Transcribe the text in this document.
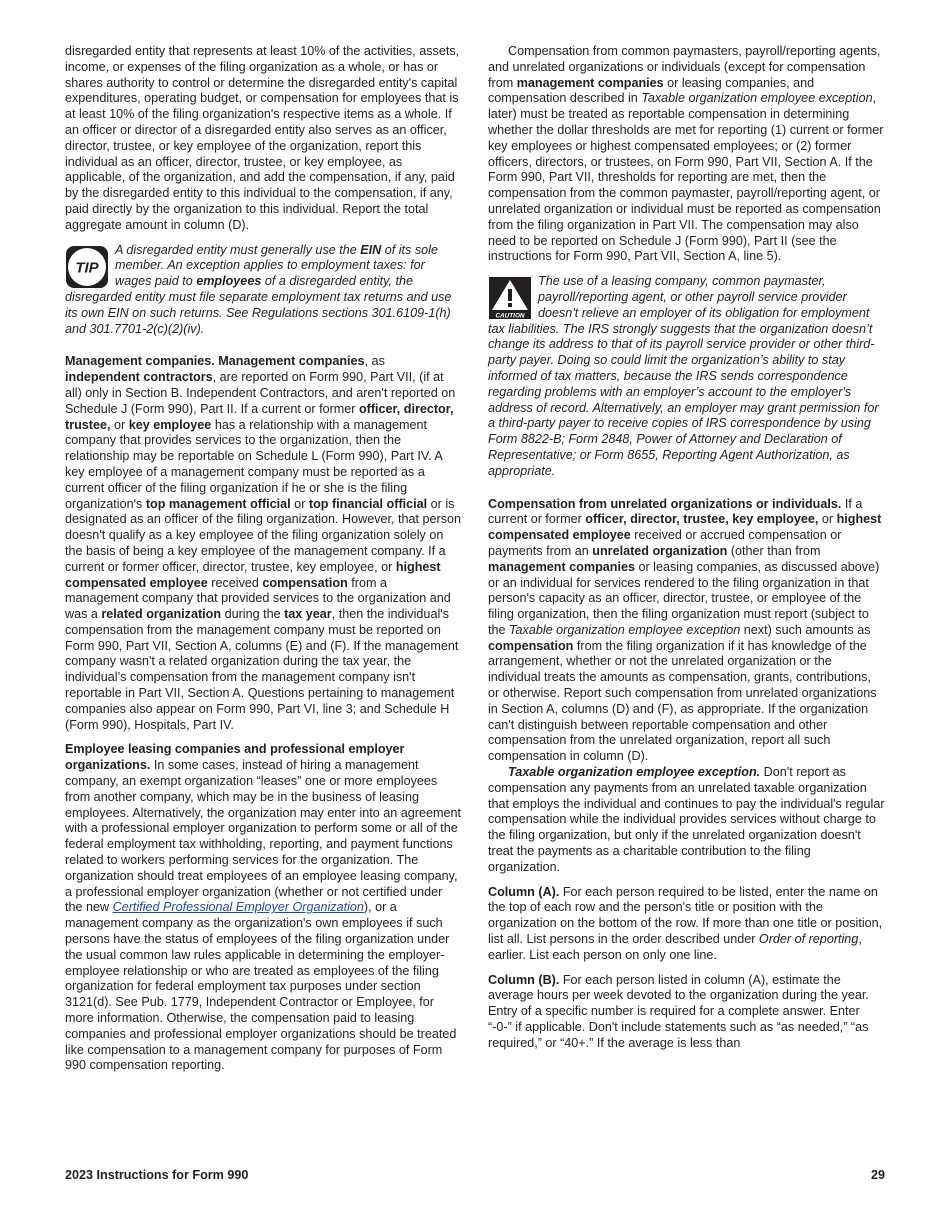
disregarded entity that represents at least 10% of the activities, assets, income, or expenses of the filing organization as a whole, or has or shares authority to control or determine the disregarded entity's capital expenditures, operating budget, or compensation for employees that is at least 10% of the filing organization's respective items as a whole. If an officer or director of a disregarded entity also serves as an officer, director, trustee, or key employee of the organization, report this individual as an officer, director, trustee, or key employee, as applicable, of the organization, and add the compensation, if any, paid by the disregarded entity to this individual to the compensation, if any, paid directly by the organization to this individual. Report the total aggregate amount in column (D).

TIP
A disregarded entity must generally use the EIN of its sole member. An exception applies to employment taxes: for wages paid to employees of a disregarded entity, the disregarded entity must file separate employment tax returns and use its own EIN on such returns. See Regulations sections 301.6109-1(h) and 301.7701-2(c)(2)(iv).

Management companies. Management companies, as independent contractors, are reported on Form 990, Part VII, (if at all) only in Section B. Independent Contractors, and aren't reported on Schedule J (Form 990), Part II. If a current or former officer, director, trustee, or key employee has a relationship with a management company that provides services to the organization, then the relationship may be reportable on Schedule L (Form 990), Part IV. A key employee of a management company must be reported as a current officer of the filing organization if he or she is the filing organization's top management official or top financial official or is designated as an officer of the filing organization. However, that person doesn't qualify as a key employee of the filing organization solely on the basis of being a key employee of the management company. If a current or former officer, director, trustee, key employee, or highest compensated employee received compensation from a management company that provided services to the organization and was a related organization during the tax year, then the individual's compensation from the management company must be reported on Form 990, Part VII, Section A, columns (E) and (F). If the management company wasn't a related organization during the tax year, the individual’s compensation from the management company isn't reportable in Part VII, Section A. Questions pertaining to management companies also appear on Form 990, Part VI, line 3; and Schedule H (Form 990), Hospitals, Part IV.

Employee leasing companies and professional employer organizations. In some cases, instead of hiring a management company, an exempt organization “leases” one or more employees from another company, which may be in the business of leasing employees. Alternatively, the organization may enter into an agreement with a professional employer organization to perform some or all of the federal employment tax withholding, reporting, and payment functions related to workers performing services for the organization. The organization should treat employees of an employee leasing company, a professional employer organization (whether or not certified under the new Certified Professional Employer Organization), or a management company as the organization's own employees if such persons have the status of employees of the filing organization under the usual common law rules applicable in determining the employer-employee relationship or who are treated as employees of the filing organization for federal employment tax purposes under section 3121(d). See Pub. 1779, Independent Contractor or Employee, for more information. Otherwise, the compensation paid to leasing companies and professional employer organizations should be treated like compensation to a management company for purposes of Form 990 compensation reporting.

Compensation from common paymasters, payroll/reporting agents, and unrelated organizations or individuals (except for compensation from management companies or leasing companies, and compensation described in Taxable organization employee exception, later) must be treated as reportable compensation in determining whether the dollar thresholds are met for reporting (1) current or former key employees or highest compensated employees; or (2) former officers, directors, or trustees, on Form 990, Part VII, Section A. If the Form 990, Part VII, thresholds for reporting are met, then the compensation from the common paymaster, payroll/reporting agent, or unrelated organization or individual must be reported as compensation from the filing organization in Part VII. The compensation may also need to be reported on Schedule J (Form 990), Part II (see the instructions for Form 990, Part VII, Section A, line 5).

CAUTION
The use of a leasing company, common paymaster, payroll/reporting agent, or other payroll service provider doesn't relieve an employer of its obligation for employment tax liabilities. The IRS strongly suggests that the organization doesn’t change its address to that of its payroll service provider or other third-party payer. Doing so could limit the organization’s ability to stay informed of tax matters, because the IRS sends correspondence regarding problems with an employer’s account to the employer's address of record. Alternatively, an employer may grant permission for a third-party payer to receive copies of IRS correspondence by using Form 8822-B; Form 2848, Power of Attorney and Declaration of Representative; or Form 8655, Reporting Agent Authorization, as appropriate.

Compensation from unrelated organizations or individuals. If a current or former officer, director, trustee, key employee, or highest compensated employee received or accrued compensation or payments from an unrelated organization (other than from management companies or leasing companies, as discussed above) or an individual for services rendered to the filing organization in that person's capacity as an officer, director, trustee, or employee of the filing organization, then the filing organization must report (subject to the Taxable organization employee exception next) such amounts as compensation from the filing organization if it has knowledge of the arrangement, whether or not the unrelated organization or the individual treats the amounts as compensation, grants, contributions, or otherwise. Report such compensation from unrelated organizations in Section A, columns (D) and (F), as appropriate. If the organization can't distinguish between reportable compensation and other compensation from the unrelated organization, report all such compensation in column (D).

Taxable organization employee exception. Don't report as compensation any payments from an unrelated taxable organization that employs the individual and continues to pay the individual's regular compensation while the individual provides services without charge to the filing organization, but only if the unrelated organization doesn't treat the payments as a charitable contribution to the filing organization.

Column (A). For each person required to be listed, enter the name on the top of each row and the person's title or position with the organization on the bottom of the row. If more than one title or position, list all. List persons in the order described under Order of reporting, earlier. List each person on only one line.

Column (B). For each person listed in column (A), estimate the average hours per week devoted to the organization during the year. Entry of a specific number is required for a complete answer. Enter “-0-” if applicable. Don't include statements such as “as needed,” “as required,” or “40+.” If the average is less than

2023 Instructions for Form 990	29
